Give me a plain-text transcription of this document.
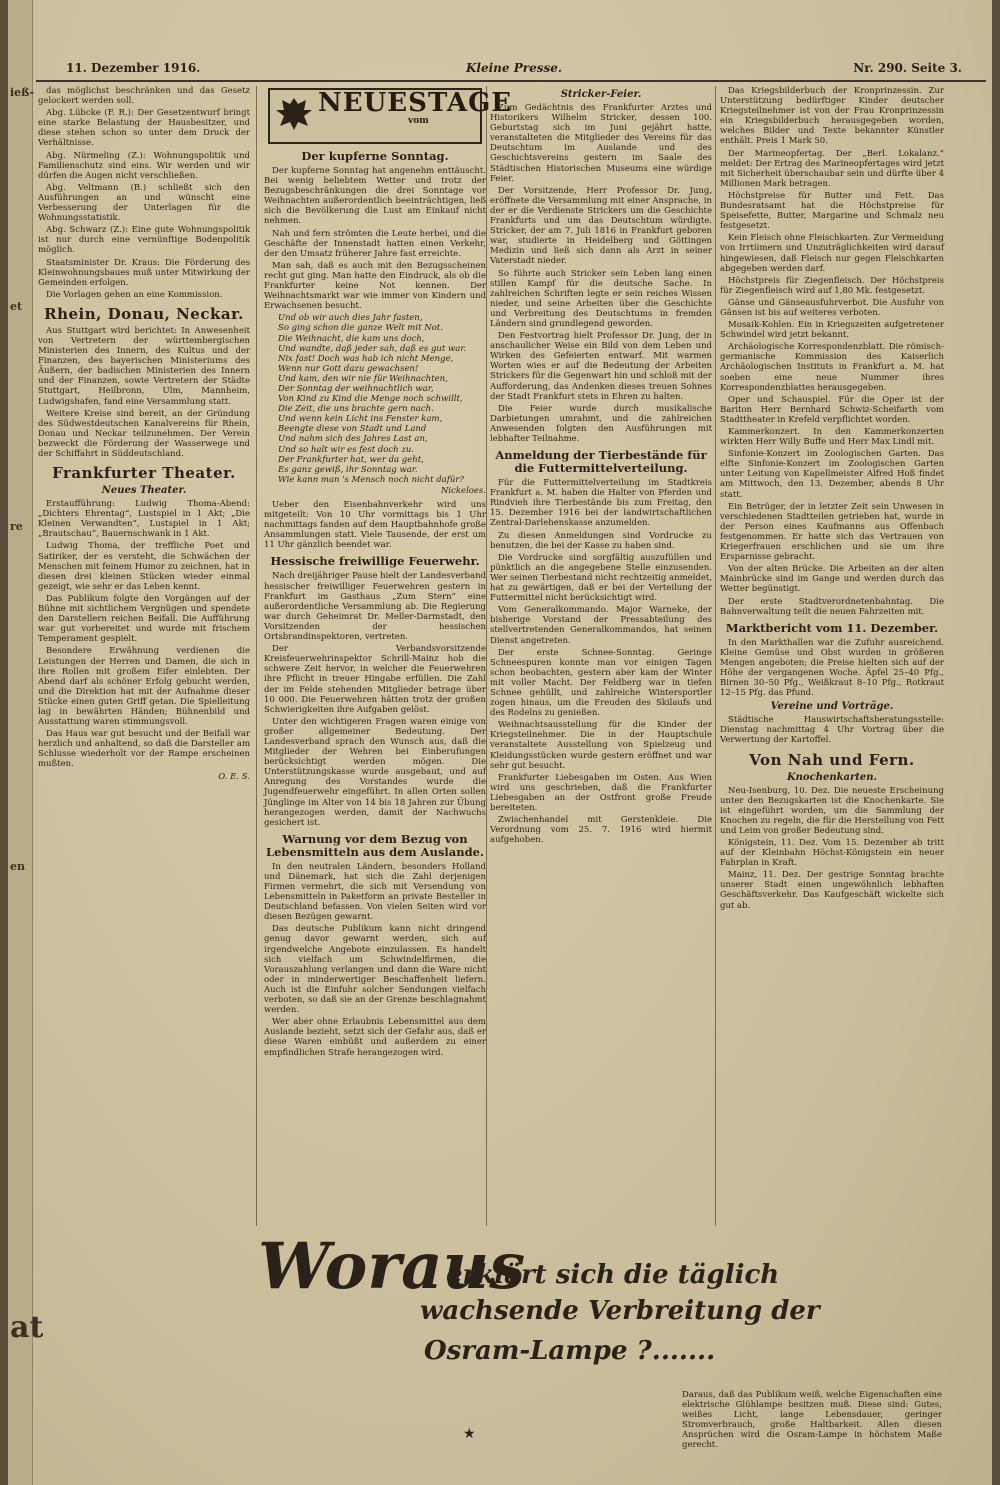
ieß-
et
re
en
at
11. Dezember 1916.	Kleine Presse.	Nr. 290. Seite 3.

das möglichst beschränken und das Gesetz gelockert werden soll.

Abg. Lübcke (F. R.): Der Gesetzentwurf bringt eine starke Belastung der Hausbesitzer, und diese stehen schon so unter dem Druck der Verhältnisse.

Abg. Nürmeling (Z.): Wohnungspolitik und Familienschutz sind eins. Wir werden und wir dürfen die Augen nicht verschließen.

Abg. Veltmann (B.) schließt sich den Ausführungen an und wünscht eine Verbesserung der Unterlagen für die Wohnungsstatistik.

Abg. Schwarz (Z.): Eine gute Wohnungspolitik ist nur durch eine vernünftige Bodenpolitik möglich.

Staatsminister Dr. Kraus: Die Förderung des Kleinwohnungsbaues muß unter Mitwirkung der Gemeinden erfolgen.

Die Vorlagen gehen an eine Kommission.

Rhein, Donau, Neckar.

Aus Stuttgart wird berichtet: In Anwesenheit von Vertretern der württembergischen Ministerien des Innern, des Kultus und der Finanzen, des bayerischen Ministeriums des Äußern, der badischen Ministerien des Innern und der Finanzen, sowie Vertretern der Städte Stuttgart, Heilbronn, Ulm, Mannheim, Ludwigshafen, fand eine Versammlung statt.

Weitere Kreise sind bereit, an der Gründung des Südwestdeutschen Kanalvereins für Rhein, Donau und Neckar teilzunehmen. Der Verein bezweckt die Förderung der Wasserwege und der Schiffahrt in Süddeutschland.

Frankfurter Theater.
Neues Theater.

Erstaufführung: Ludwig Thoma-Abend: „Dichters Ehrentag“, Lustspiel in 1 Akt; „Die Kleinen Verwandten“, Lustspiel in 1 Akt; „Brautschau“, Bauernschwank in 1 Akt.

Ludwig Thoma, der treffliche Poet und Satiriker, der es versteht, die Schwächen der Menschen mit feinem Humor zu zeichnen, hat in diesen drei kleinen Stücken wieder einmal gezeigt, wie sehr er das Leben kennt.

Das Publikum folgte den Vorgängen auf der Bühne mit sichtlichem Vergnügen und spendete den Darstellern reichen Beifall. Die Aufführung war gut vorbereitet und wurde mit frischem Temperament gespielt.

Besondere Erwähnung verdienen die Leistungen der Herren und Damen, die sich in ihre Rollen mit großem Eifer einlebten. Der Abend darf als schöner Erfolg gebucht werden, und die Direktion hat mit der Aufnahme dieser Stücke einen guten Griff getan. Die Spielleitung lag in bewährten Händen; Bühnenbild und Ausstattung waren stimmungsvoll.

Das Haus war gut besucht und der Beifall war herzlich und anhaltend, so daß die Darsteller am Schlusse wiederholt vor der Rampe erscheinen mußten.

O. E. S.

NEUES
vom
TAGE
Der kupferne Sonntag.

Der kupferne Sonntag hat angenehm enttäuscht. Bei wenig beliebtem Wetter und trotz der Bezugsbeschränkungen die drei Sonntage vor Weihnachten außerordentlich beeinträchtigen, ließ sich die Bevölkerung die Lust am Einkauf nicht nehmen.

Nah und fern strömten die Leute herbei, und die Geschäfte der Innenstadt hatten einen Verkehr, der den Umsatz früherer Jahre fast erreichte.

Man sah, daß es auch mit den Bezugsscheinen recht gut ging. Man hatte den Eindruck, als ob die Frankfurter keine Not kennen. Der Weihnachtsmarkt war wie immer von Kindern und Erwachsenen besucht.

Und ob wir auch dies Jahr fasten,

So ging schon die ganze Welt mit Not.

Die Weihnacht, die kam uns doch,

Und wandte, daß jeder sah, daß es gut war.

Nix fast! Doch was hab ich nicht Menge,

Wenn nur Gott dazu gewachsen!

Und kam, den wir nie für Weihnachten,

Der Sonntag der weihnachtlich war,

Von Kind zu Kind die Menge noch schwillt,

Die Zeit, die uns brachte gern nach.

Und wenn kein Licht ins Fenster kam,

Beengte diese von Stadt und Land

Und nahm sich des Jahres Last an,

Und so halt wir es fest doch zu.

Der Frankfurter hat, wer da geht,

Es ganz gewiß, ihr Sonntag war.

Wie kann man 's Mensch noch nicht dafür?

Nickeloes.

Ueber den Eisenbahnverkehr wird uns mitgeteilt: Von 10 Uhr vormittags bis 1 Uhr nachmittags fanden auf dem Hauptbahnhofe große Ansammlungen statt. Viele Tausende, der erst um 11 Uhr gänzlich beendet war.

Hessische freiwillige Feuerwehr.

Nach dreijähriger Pause hielt der Landesverband hessischer freiwilliger Feuerwehren gestern in Frankfurt im Gasthaus „Zum Stern“ eine außerordentliche Versammlung ab. Die Regierung war durch Geheimrat Dr. Meller-Darmstadt, den Vorsitzenden der hessischen Ortsbrandinspektoren, vertreten.

Der Verbandsvorsitzende Kreisfeuerwehrinspektor Schrill-Mainz hob die schwere Zeit hervor, in welcher die Feuerwehren ihre Pflicht in treuer Hingabe erfüllen. Die Zahl der im Felde stehenden Mitglieder betrage über 10 000. Die Feuerwehren hätten trotz der großen Schwierigkeiten ihre Aufgaben gelöst.

Unter den wichtigeren Fragen waren einige von großer allgemeiner Bedeutung. Der Landesverband sprach den Wunsch aus, daß die Mitglieder der Wehren bei Einberufungen berücksichtigt werden mögen. Die Unterstützungskasse wurde ausgebaut, und auf Anregung des Vorstandes wurde die Jugendfeuerwehr eingeführt. In allen Orten sollen Jünglinge im Alter von 14 bis 18 Jahren zur Übung herangezogen werden, damit der Nachwuchs gesichert ist.

Warnung vor dem Bezug von Lebensmitteln aus dem Auslande.

In den neutralen Ländern, besonders Holland und Dänemark, hat sich die Zahl derjenigen Firmen vermehrt, die sich mit Versendung von Lebensmitteln in Paketform an private Besteller in Deutschland befassen. Von vielen Seiten wird vor diesen Bezügen gewarnt.

Das deutsche Publikum kann nicht dringend genug davor gewarnt werden, sich auf irgendwelche Angebote einzulassen. Es handelt sich vielfach um Schwindelfirmen, die Vorauszahlung verlangen und dann die Ware nicht oder in minderwertiger Beschaffenheit liefern. Auch ist die Einfuhr solcher Sendungen vielfach verboten, so daß sie an der Grenze beschlagnahmt werden.

Wer aber ohne Erlaubnis Lebensmittel aus dem Auslande bezieht, setzt sich der Gefahr aus, daß er diese Waren einbüßt und außerdem zu einer empfindlichen Strafe herangezogen wird.

Stricker-Feier.

Zum Gedächtnis des Frankfurter Arztes und Historikers Wilhelm Stricker, dessen 100. Geburtstag sich im Juni gejährt hatte, veranstalteten die Mitglieder des Vereins für das Deutschtum im Auslande und des Geschichtsvereins gestern im Saale des Städtischen Historischen Museums eine würdige Feier.

Der Vorsitzende, Herr Professor Dr. Jung, eröffnete die Versammlung mit einer Ansprache, in der er die Verdienste Strickers um die Geschichte Frankfurts und um das Deutschtum würdigte. Stricker, der am 7. Juli 1816 in Frankfurt geboren war, studierte in Heidelberg und Göttingen Medizin und ließ sich dann als Arzt in seiner Vaterstadt nieder.

So führte auch Stricker sein Leben lang einen stillen Kampf für die deutsche Sache. In zahlreichen Schriften legte er sein reiches Wissen nieder, und seine Arbeiten über die Geschichte und Verbreitung des Deutschtums in fremden Ländern sind grundlegend geworden.

Den Festvortrag hielt Professor Dr. Jung, der in anschaulicher Weise ein Bild von dem Leben und Wirken des Gefeierten entwarf. Mit warmen Worten wies er auf die Bedeutung der Arbeiten Strickers für die Gegenwart hin und schloß mit der Aufforderung, das Andenken dieses treuen Sohnes der Stadt Frankfurt stets in Ehren zu halten.

Die Feier wurde durch musikalische Darbietungen umrahmt, und die zahlreichen Anwesenden folgten den Ausführungen mit lebhafter Teilnahme.

Anmeldung der Tierbestände für die Futtermittelverteilung.

Für die Futtermittelverteilung im Stadtkreis Frankfurt a. M. haben die Halter von Pferden und Rindvieh ihre Tierbestände bis zum Freitag, den 15. Dezember 1916 bei der landwirtschaftlichen Zentral-Darlehenskasse anzumelden.

Zu diesen Anmeldungen sind Vordrucke zu benutzen, die bei der Kasse zu haben sind.

Die Vordrucke sind sorgfältig auszufüllen und pünktlich an die angegebene Stelle einzusenden. Wer seinen Tierbestand nicht rechtzeitig anmeldet, hat zu gewärtigen, daß er bei der Verteilung der Futtermittel nicht berücksichtigt wird.

Vom Generalkommando. Major Warneke, der bisherige Vorstand der Pressabteilung des stellvertretenden Generalkommandos, hat seinen Dienst angetreten.

Der erste Schnee-Sonntag. Geringe Schneespuren konnte man vor einigen Tagen schon beobachten, gestern aber kam der Winter mit voller Macht. Der Feldberg war in tiefen Schnee gehüllt, und zahlreiche Wintersportler zogen hinaus, um die Freuden des Skilaufs und des Rodelns zu genießen.

Weihnachtsausstellung für die Kinder der Kriegsteilnehmer. Die in der Hauptschule veranstaltete Ausstellung von Spielzeug und Kleidungsstücken wurde gestern eröffnet und war sehr gut besucht.

Frankfurter Liebesgaben im Osten. Aus Wien wird uns geschrieben, daß die Frankfurter Liebesgaben an der Ostfront große Freude bereiteten.

Zwischenhandel mit Gerstenkleie. Die Verordnung vom 25. 7. 1916 wird hiermit aufgehoben.

Das Kriegsbilderbuch der Kronprinzessin. Zur Unterstützung bedürftiger Kinder deutscher Kriegsteilnehmer ist von der Frau Kronprinzessin ein Kriegsbilderbuch herausgegeben worden, welches Bilder und Texte bekannter Künstler enthält. Preis 1 Mark 50.

Der Marineopfertag. Der „Berl. Lokalanz.“ meldet: Der Ertrag des Marineopfertages wird jetzt mit Sicherheit überschaubar sein und dürfte über 4 Millionen Mark betragen.

Höchstpreise für Butter und Fett. Das Bundesratsamt hat die Höchstpreise für Speisefette, Butter, Margarine und Schmalz neu festgesetzt.

Kein Fleisch ohne Fleischkarten. Zur Vermeidung von Irrtümern und Unzuträglichkeiten wird darauf hingewiesen, daß Fleisch nur gegen Fleischkarten abgegeben werden darf.

Höchstpreis für Ziegenfleisch. Der Höchstpreis für Ziegenfleisch wird auf 1,80 Mk. festgesetzt.

Gänse und Gänseausfuhrverbot. Die Ausfuhr von Gänsen ist bis auf weiteres verboten.

Mosaik-Kohlen. Ein in Kriegszeiten aufgetretener Schwindel wird jetzt bekannt.

Archäologische Korrespondenzblatt. Die römisch-germanische Kommission des Kaiserlich Archäologischen Instituts in Frankfurt a. M. hat soeben eine neue Nummer ihres Korrespondenzblattes herausgegeben.

Oper und Schauspiel. Für die Oper ist der Bariton Herr Bernhard Schwiz-Scheifarth vom Stadttheater in Krefeld verpflichtet worden.

Kammerkonzert. In den Kammerkonzerten wirkten Herr Willy Buffe und Herr Max Lindl mit.

Sinfonie-Konzert im Zoologischen Garten. Das elfte Sinfonie-Konzert im Zoologischen Garten unter Leitung von Kapellmeister Alfred Hoß findet am Mittwoch, den 13. Dezember, abends 8 Uhr statt.

Ein Betrüger, der in letzter Zeit sein Unwesen in verschiedenen Stadtteilen getrieben hat, wurde in der Person eines Kaufmanns aus Offenbach festgenommen. Er hatte sich das Vertrauen von Kriegerfrauen erschlichen und sie um ihre Ersparnisse gebracht.

Von der alten Brücke. Die Arbeiten an der alten Mainbrücke sind im Gange und werden durch das Wetter begünstigt.

Der erste Stadtverordnetenbahntag. Die Bahnverwaltung teilt die neuen Fahrzeiten mit.

Marktbericht vom 11. Dezember.

In den Markthallen war die Zufuhr ausreichend. Kleine Gemüse und Obst wurden in größeren Mengen angeboten; die Preise hielten sich auf der Höhe der vergangenen Woche. Äpfel 25–40 Pfg., Birnen 30–50 Pfg., Weißkraut 8–10 Pfg., Rotkraut 12–15 Pfg. das Pfund.

Vereine und Vorträge.

Städtische Hauswirtschaftsberatungsstelle: Dienstag nachmittag 4 Uhr Vortrag über die Verwertung der Kartoffel.

Von Nah und Fern.
Knochenkarten.

Neu-Isenburg, 10. Dez. Die neueste Erscheinung unter den Bezugskarten ist die Knochenkarte. Sie ist eingeführt worden, um die Sammlung der Knochen zu regeln, die für die Herstellung von Fett und Leim von großer Bedeutung sind.

Königstein, 11. Dez. Vom 15. Dezember ab tritt auf der Kleinbahn Höchst-Königstein ein neuer Fahrplan in Kraft.

Mainz, 11. Dez. Der gestrige Sonntag brachte unserer Stadt einen ungewöhnlich lebhaften Geschäftsverkehr. Das Kaufgeschäft wickelte sich gut ab.

Woraus
erklärt sich die täglich
wachsende Verbreitung der
Osram-Lampe ?.......
Daraus, daß das Publikum weiß, welche Eigenschaften eine elektrische Glühlampe besitzen muß. Diese sind: Gutes, weißes Licht, lange Lebensdauer, geringer Stromverbrauch, große Haltbarkeit. Allen diesen Ansprüchen wird die Osram-Lampe in höchstem Maße gerecht.
★
